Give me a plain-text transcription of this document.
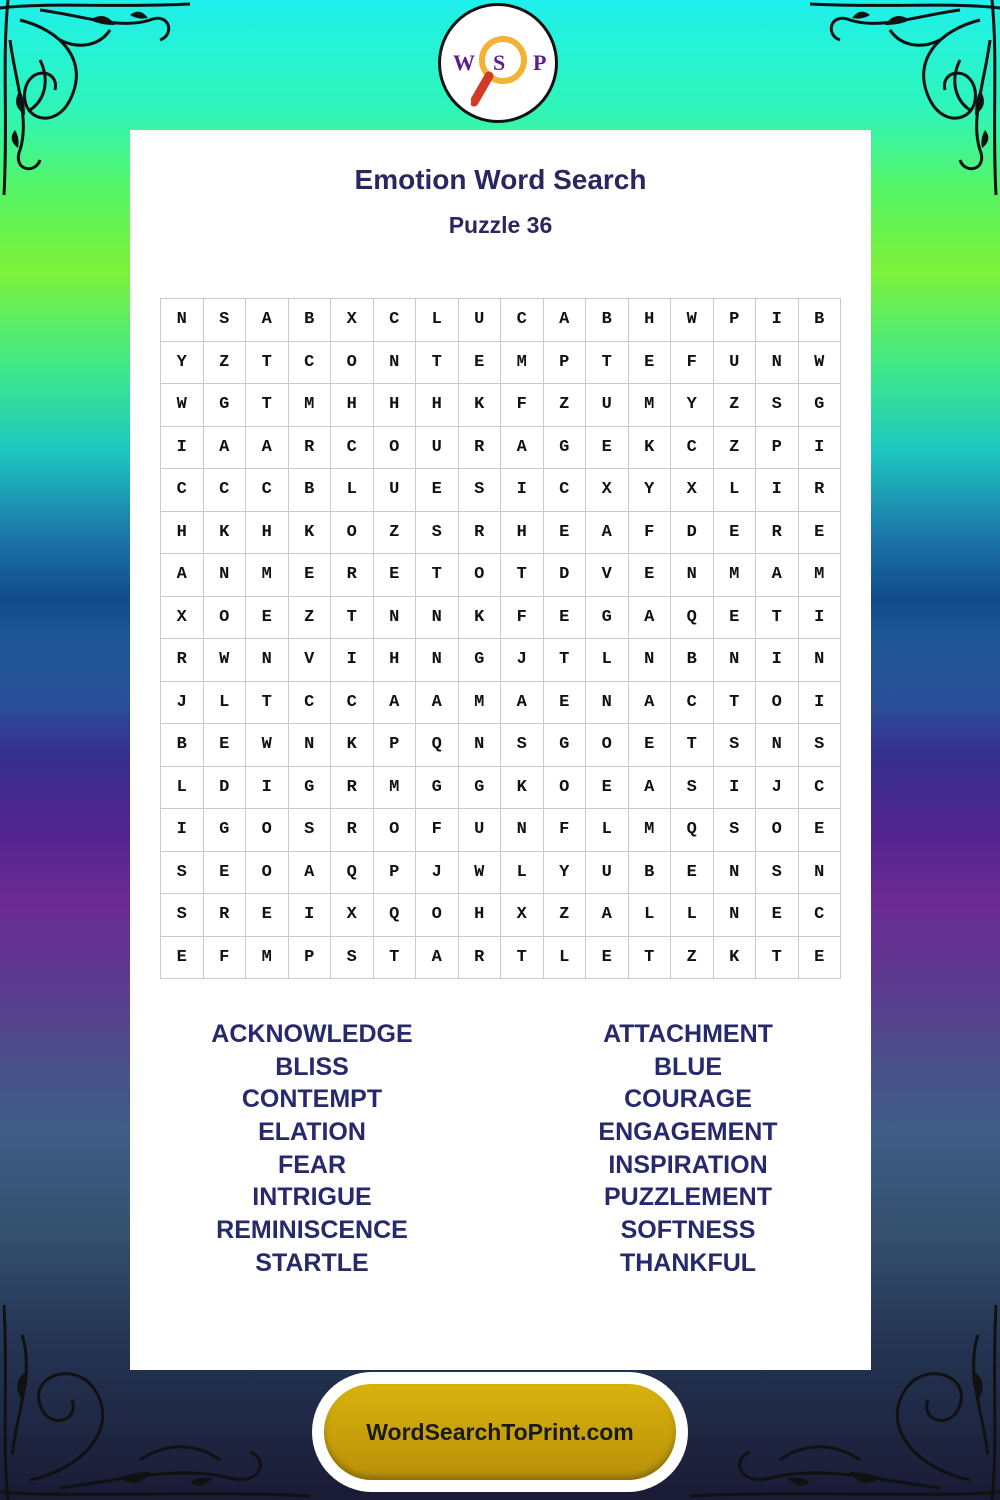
W S P
Emotion Word Search
Puzzle 36
N	S	A	B	X	C	L	U	C	A	B	H	W	P	I	B
Y	Z	T	C	O	N	T	E	M	P	T	E	F	U	N	W
W	G	T	M	H	H	H	K	F	Z	U	M	Y	Z	S	G
I	A	A	R	C	O	U	R	A	G	E	K	C	Z	P	I
C	C	C	B	L	U	E	S	I	C	X	Y	X	L	I	R
H	K	H	K	O	Z	S	R	H	E	A	F	D	E	R	E
A	N	M	E	R	E	T	O	T	D	V	E	N	M	A	M
X	O	E	Z	T	N	N	K	F	E	G	A	Q	E	T	I
R	W	N	V	I	H	N	G	J	T	L	N	B	N	I	N
J	L	T	C	C	A	A	M	A	E	N	A	C	T	O	I
B	E	W	N	K	P	Q	N	S	G	O	E	T	S	N	S
L	D	I	G	R	M	G	G	K	O	E	A	S	I	J	C
I	G	O	S	R	O	F	U	N	F	L	M	Q	S	O	E
S	E	O	A	Q	P	J	W	L	Y	U	B	E	N	S	N
S	R	E	I	X	Q	O	H	X	Z	A	L	L	N	E	C
E	F	M	P	S	T	A	R	T	L	E	T	Z	K	T	E
ACKNOWLEDGE
BLISS
CONTEMPT
ELATION
FEAR
INTRIGUE
REMINISCENCE
STARTLE
ATTACHMENT
BLUE
COURAGE
ENGAGEMENT
INSPIRATION
PUZZLEMENT
SOFTNESS
THANKFUL
WordSearchToPrint.com
